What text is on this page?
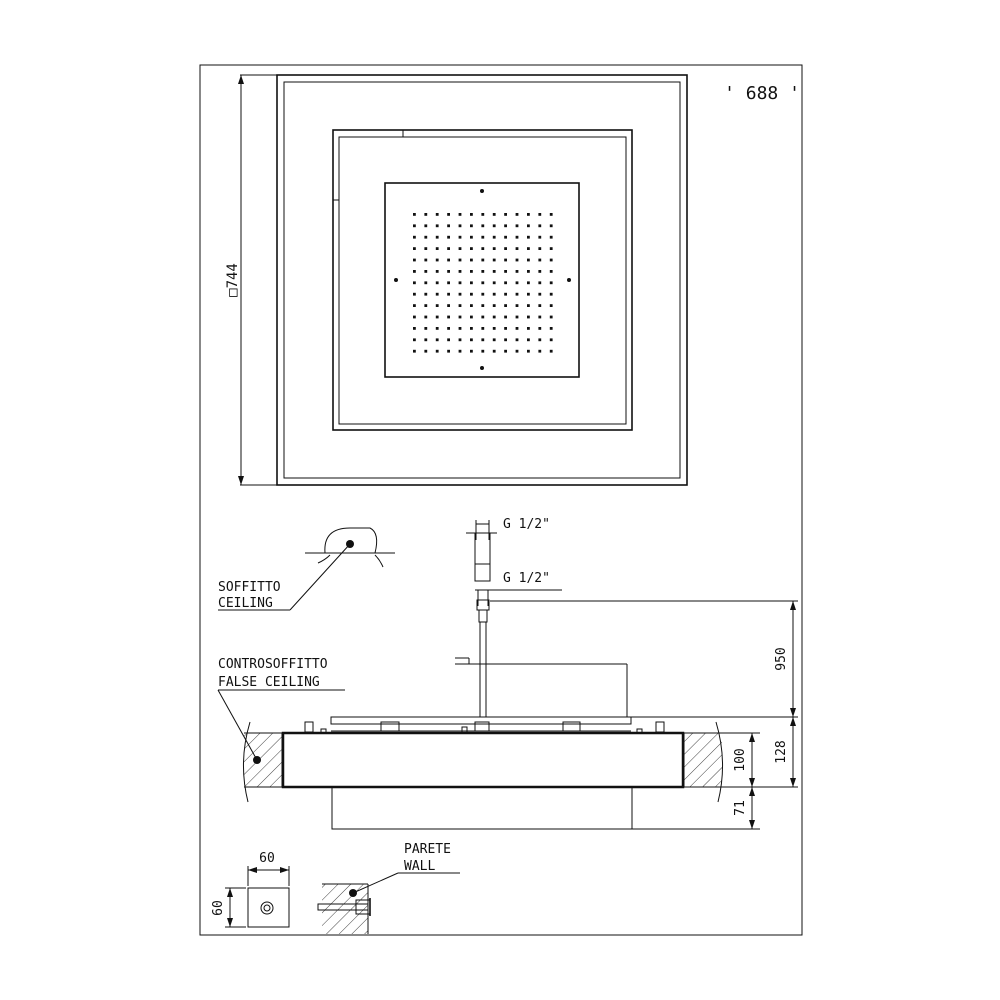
□744
' 688 '
G 1/2"
G 1/2"
950
128
100
71
SOFFITTO
CEILING
CONTROSOFFITTO
FALSE CEILING
60
60
PARETE
WALL
